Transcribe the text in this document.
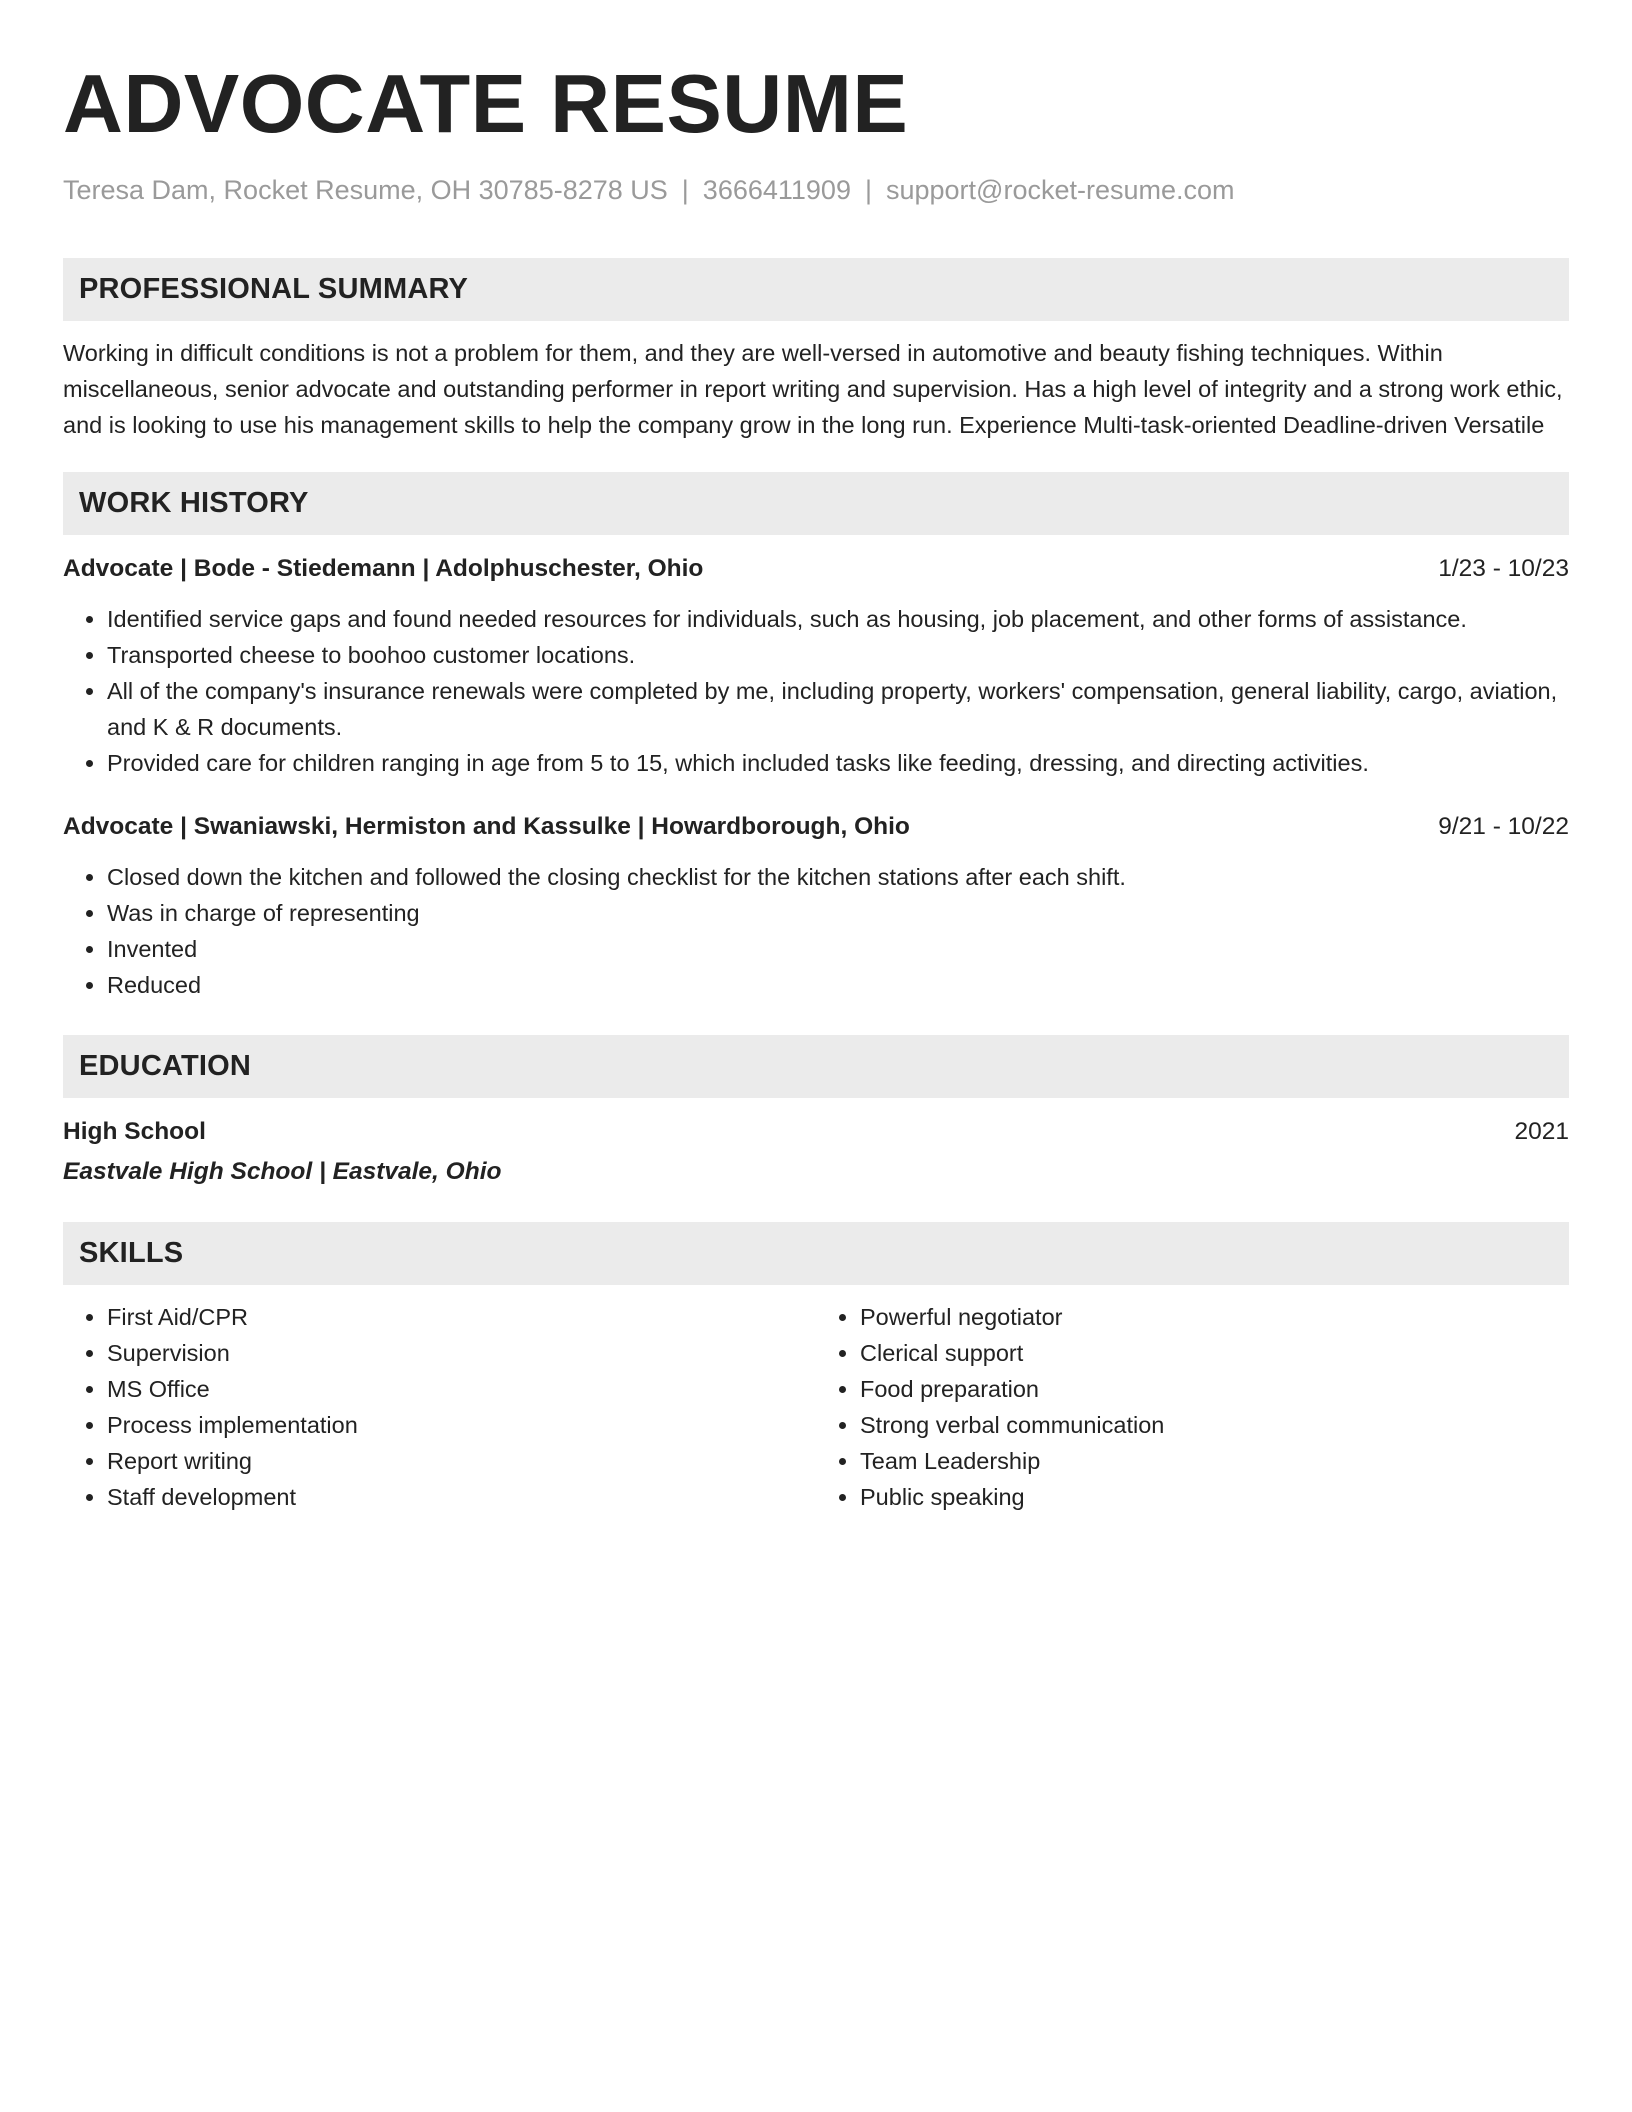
ADVOCATE RESUME
Teresa Dam, Rocket Resume, OH 30785-8278 US | 3666411909 | support@rocket-resume.com
PROFESSIONAL SUMMARY
Working in difficult conditions is not a problem for them, and they are well-versed in automotive and beauty fishing techniques. Within miscellaneous, senior advocate and outstanding performer in report writing and supervision. Has a high level of integrity and a strong work ethic, and is looking to use his management skills to help the company grow in the long run. Experience Multi-task-oriented Deadline-driven Versatile
WORK HISTORY
Advocate | Bode - Stiedemann | Adolphuschester, Ohio	1/23 - 10/23
• Identified service gaps and found needed resources for individuals, such as housing, job placement, and other forms of assistance.
• Transported cheese to boohoo customer locations.
• All of the company's insurance renewals were completed by me, including property, workers' compensation, general liability, cargo, aviation, and K & R documents.
• Provided care for children ranging in age from 5 to 15, which included tasks like feeding, dressing, and directing activities.
Advocate | Swaniawski, Hermiston and Kassulke | Howardborough, Ohio	9/21 - 10/22
• Closed down the kitchen and followed the closing checklist for the kitchen stations after each shift.
• Was in charge of representing
• Invented
• Reduced
EDUCATION
High School	2021
Eastvale High School | Eastvale, Ohio
SKILLS
• First Aid/CPR
• Supervision
• MS Office
• Process implementation
• Report writing
• Staff development
• Powerful negotiator
• Clerical support
• Food preparation
• Strong verbal communication
• Team Leadership
• Public speaking
